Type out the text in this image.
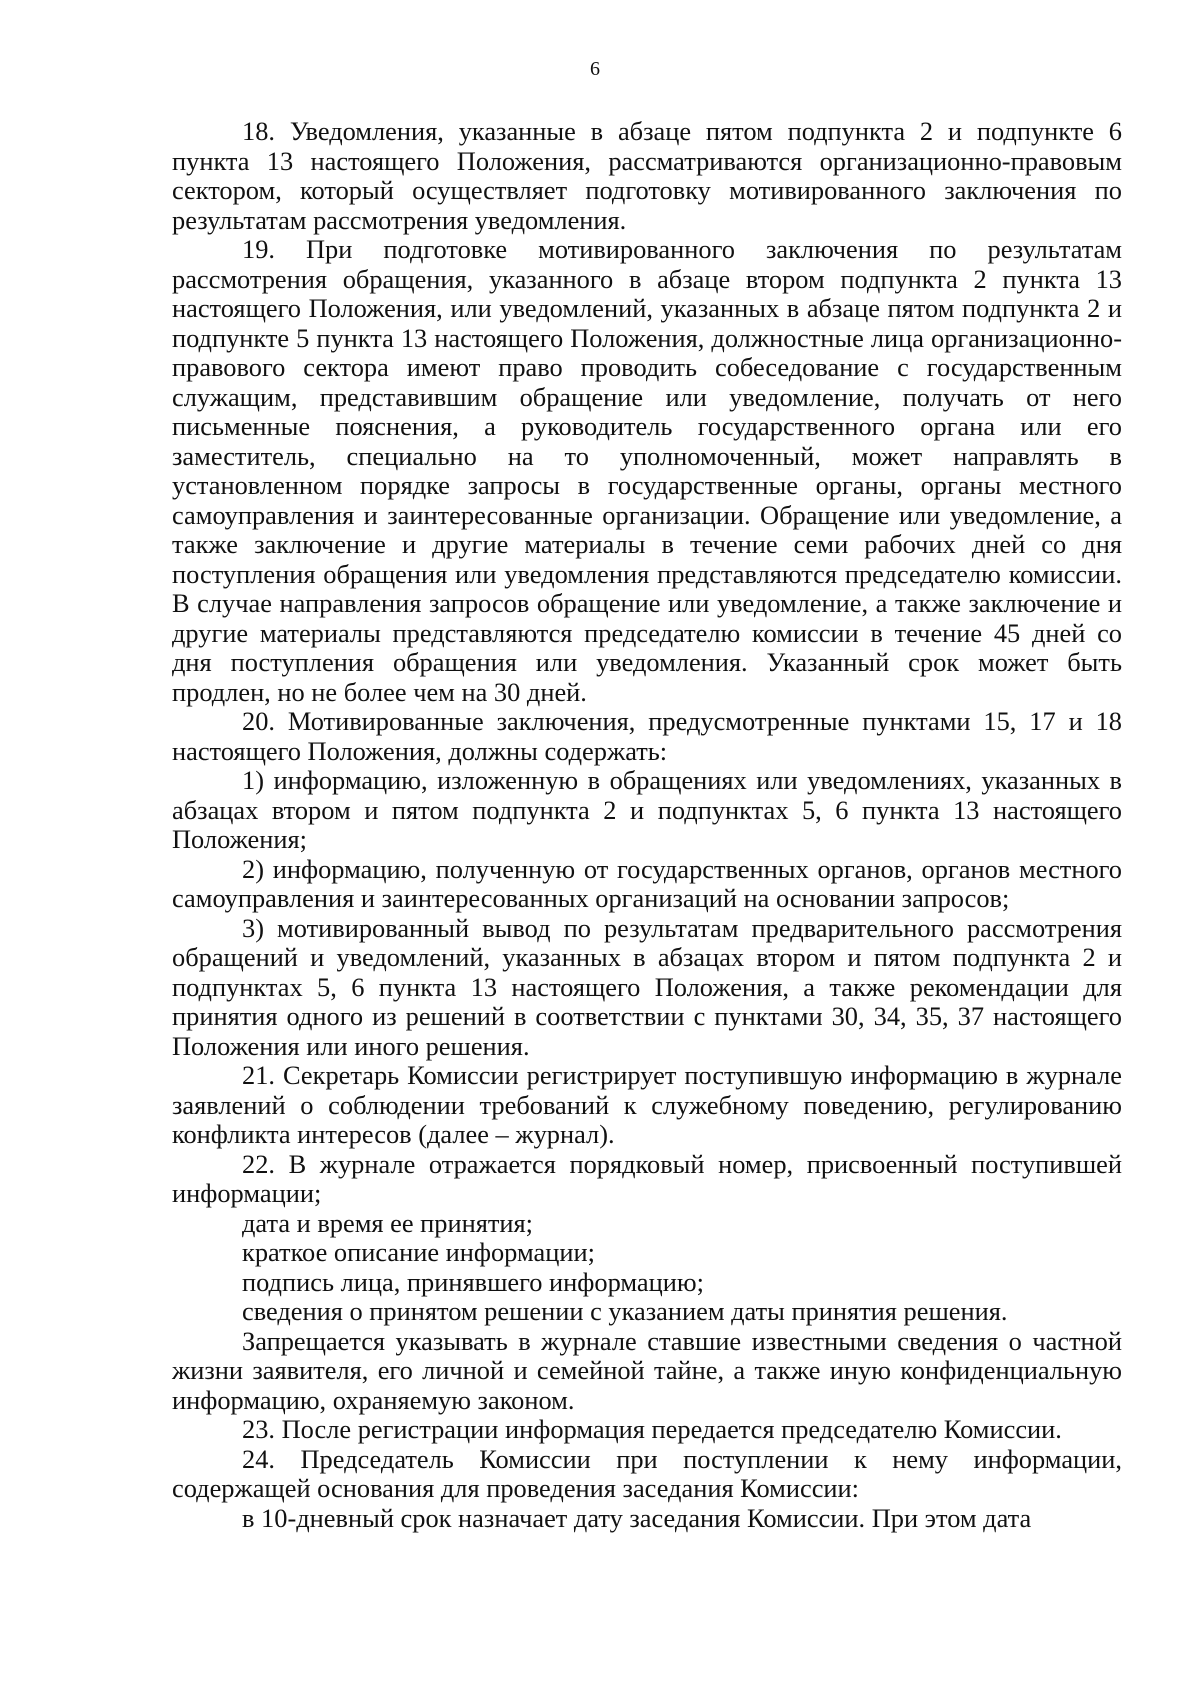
6

18. Уведомления, указанные в абзаце пятом подпункта 2 и подпункте 6 пункта 13 настоящего Положения, рассматриваются организационно-правовым сектором, который осуществляет подготовку мотивированного заключения по результатам рассмотрения уведомления.

19. При подготовке мотивированного заключения по результатам рассмотрения обращения, указанного в абзаце втором подпункта 2 пункта 13 настоящего Положения, или уведомлений, указанных в абзаце пятом подпункта 2 и подпункте 5 пункта 13 настоящего Положения, должностные лица организационно-правового сектора имеют право проводить собеседование с государственным служащим, представившим обращение или уведомление, получать от него письменные пояснения, а руководитель государственного органа или его заместитель, специально на то уполномоченный, может направлять в установленном порядке запросы в государственные органы, органы местного самоуправления и заинтересованные организации. Обращение или уведомление, а также заключение и другие материалы в течение семи рабочих дней со дня поступления обращения или уведомления представляются председателю комиссии. В случае направления запросов обращение или уведомление, а также заключение и другие материалы представляются председателю комиссии в течение 45 дней со дня поступления обращения или уведомления. Указанный срок может быть продлен, но не более чем на 30 дней.

20. Мотивированные заключения, предусмотренные пунктами 15, 17 и 18 настоящего Положения, должны содержать:

1) информацию, изложенную в обращениях или уведомлениях, указанных в абзацах втором и пятом подпункта 2 и подпунктах 5, 6 пункта 13 настоящего Положения;

2) информацию, полученную от государственных органов, органов местного самоуправления и заинтересованных организаций на основании запросов;

3) мотивированный вывод по результатам предварительного рассмотрения обращений и уведомлений, указанных в абзацах втором и пятом подпункта 2 и подпунктах 5, 6 пункта 13 настоящего Положения, а также рекомендации для принятия одного из решений в соответствии с пунктами 30, 34, 35, 37 настоящего Положения или иного решения.

21. Секретарь Комиссии регистрирует поступившую информацию в журнале заявлений о соблюдении требований к служебному поведению, регулированию конфликта интересов (далее – журнал).

22. В журнале отражается порядковый номер, присвоенный поступившей информации;

дата и время ее принятия;

краткое описание информации;

подпись лица, принявшего информацию;

сведения о принятом решении с указанием даты принятия решения.

Запрещается указывать в журнале ставшие известными сведения о частной жизни заявителя, его личной и семейной тайне, а также иную конфиденциальную информацию, охраняемую законом.

23. После регистрации информация передается председателю Комиссии.

24. Председатель Комиссии при поступлении к нему информации, содержащей основания для проведения заседания Комиссии:

в 10-дневный срок назначает дату заседания Комиссии. При этом дата
